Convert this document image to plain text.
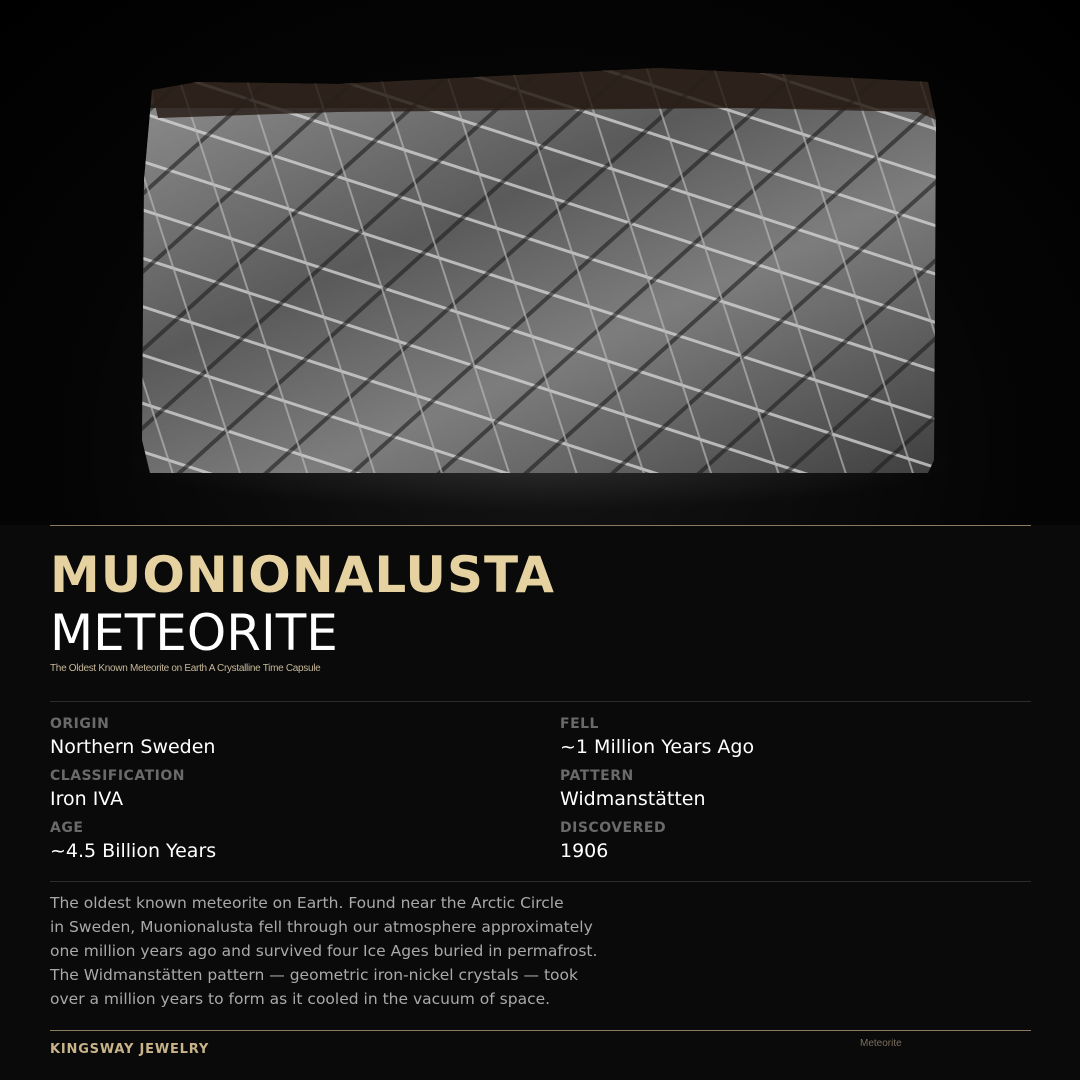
MUONIONALUSTA
METEORITE
The Oldest Known Meteorite on Earth A Crystalline Time Capsule
ORIGIN
Northern Sweden
FELL
~1 Million Years Ago
CLASSIFICATION
Iron IVA
PATTERN
Widmanstätten
AGE
~4.5 Billion Years
DISCOVERED
1906
The oldest known meteorite on Earth. Found near the Arctic Circle
in Sweden, Muonionalusta fell through our atmosphere approximately
one million years ago and survived four Ice Ages buried in permafrost.
The Widmanstätten pattern — geometric iron-nickel crystals — took
over a million years to form as it cooled in the vacuum of space.
KINGSWAY JEWELRY	Meteorite
